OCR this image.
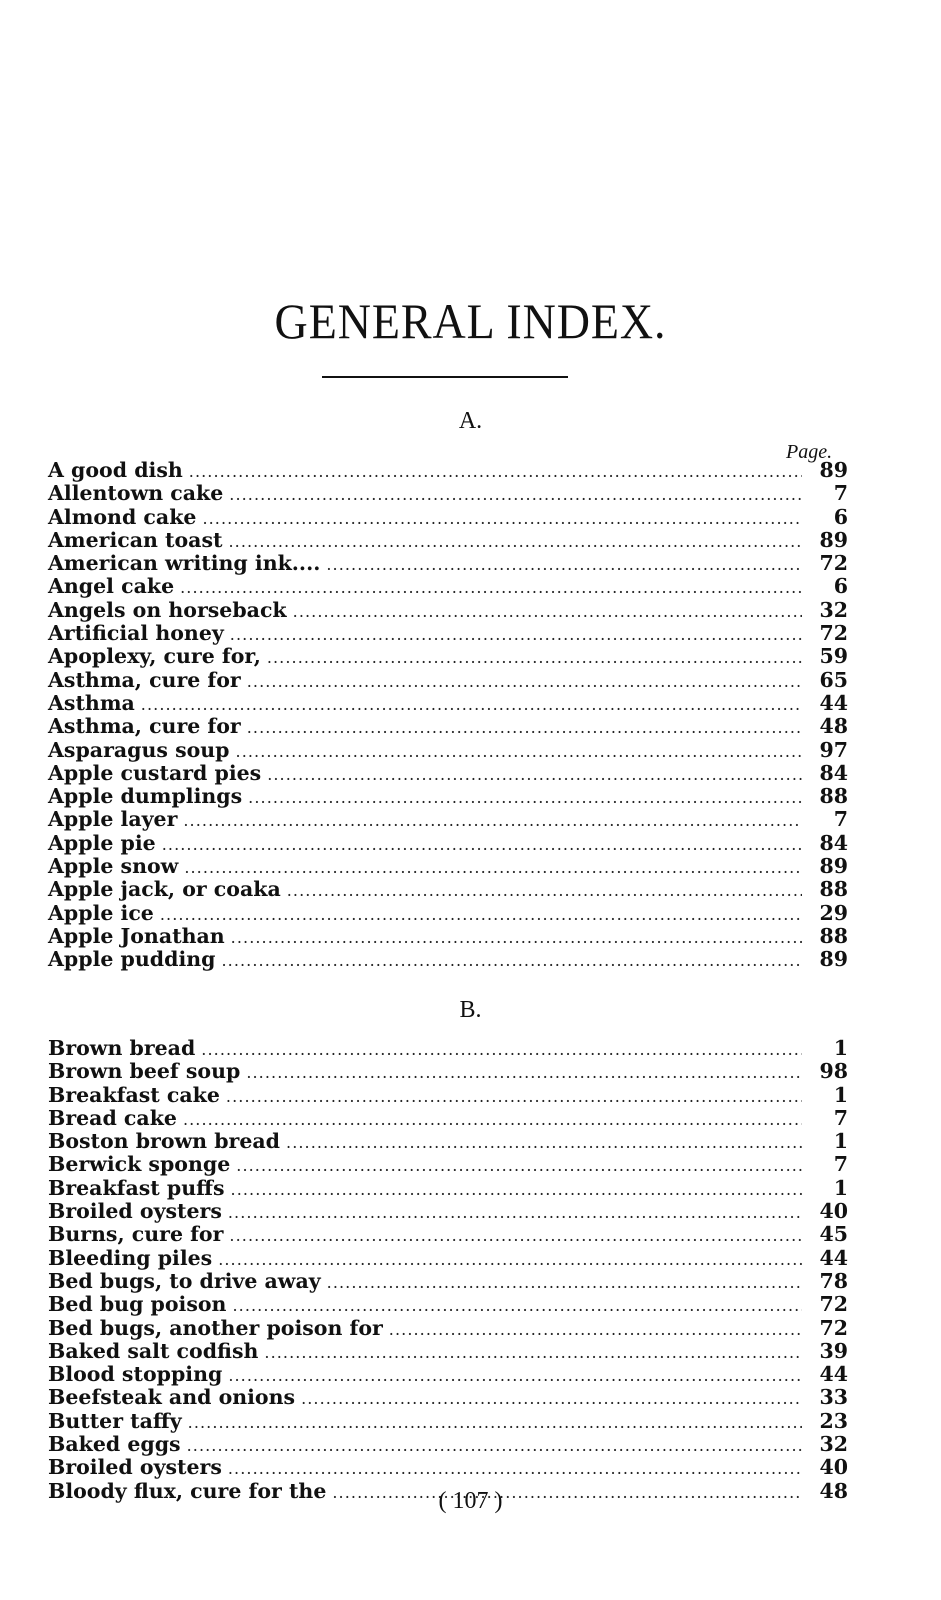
GENERAL INDEX.
A.
Page.
A good dish . . .	89
Allentown cake . . .	7
Almond cake . . .	6
American toast . . .	89
American writing ink.... . . .	72
Angel cake . . .	6
Angels on horseback . . .	32
Artificial honey . . .	72
Apoplexy, cure for, . . .	59
Asthma, cure for . . .	65
Asthma . . .	44
Asthma, cure for . . .	48
Asparagus soup . . .	97
Apple custard pies . . .	84
Apple dumplings . . .	88
Apple layer . . .	7
Apple pie . . .	84
Apple snow . . .	89
Apple jack, or coaka . . .	88
Apple ice . . .	29
Apple Jonathan . . .	88
Apple pudding . . .	89
B.
Brown bread . . .	1
Brown beef soup . . .	98
Breakfast cake . . .	1
Bread cake . . .	7
Boston brown bread . . .	1
Berwick sponge . . .	7
Breakfast puffs . . .	1
Broiled oysters . . .	40
Burns, cure for . . .	45
Bleeding piles . . .	44
Bed bugs, to drive away . . .	78
Bed bug poison . . .	72
Bed bugs, another poison for . . .	72
Baked salt codfish . . .	39
Blood stopping . . .	44
Beefsteak and onions . . .	33
Butter taffy . . .	23
Baked eggs . . .	32
Broiled oysters . . .	40
Bloody flux, cure for the . . .	48
( 107 )
